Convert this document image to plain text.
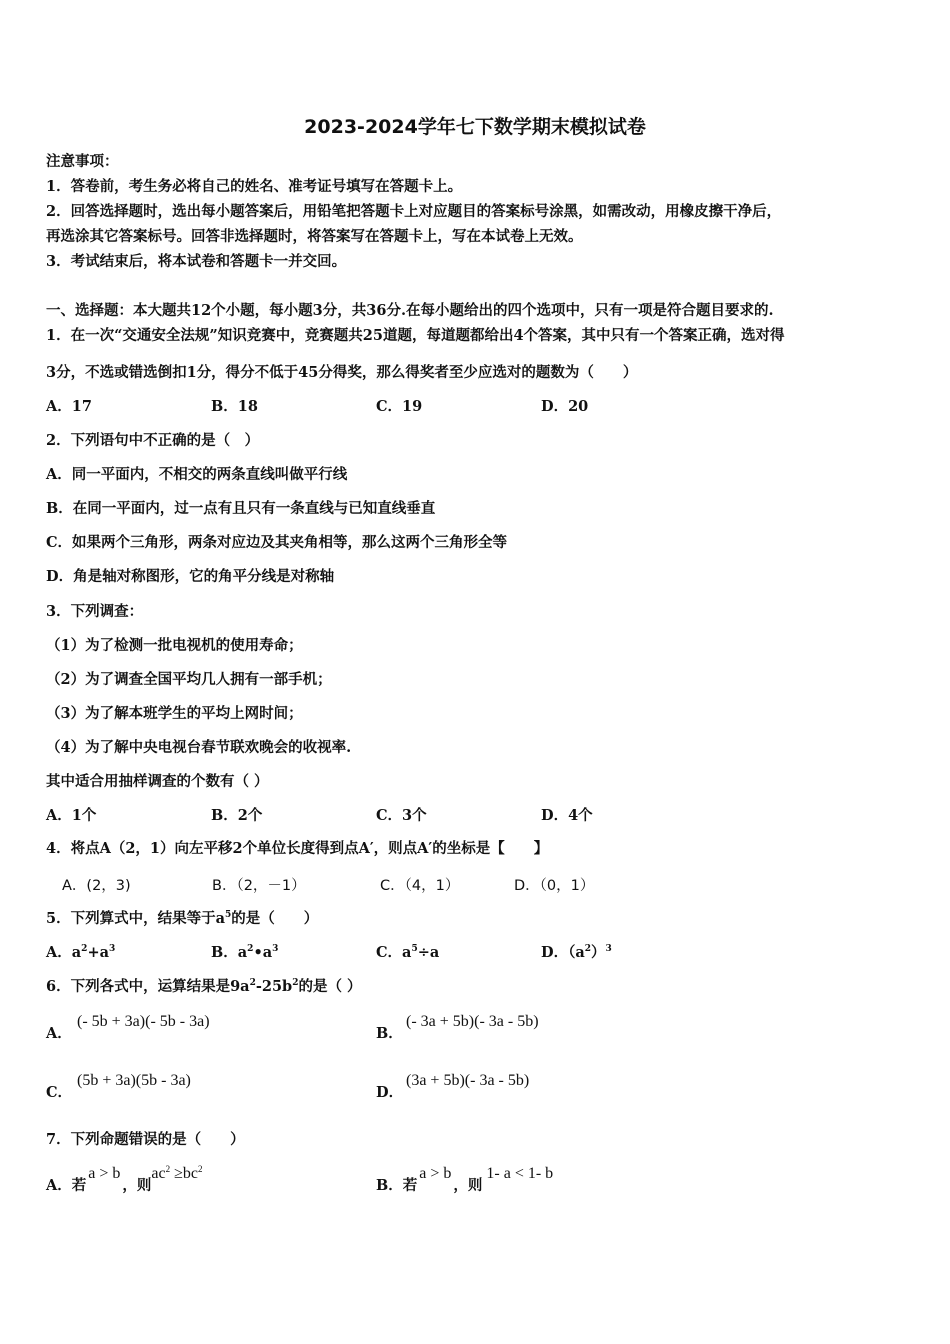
2023-2024学年七下数学期末模拟试卷
注意事项：
1．答卷前，考生务必将自己的姓名、准考证号填写在答题卡上。
2．回答选择题时，选出每小题答案后，用铅笔把答题卡上对应题目的答案标号涂黑，如需改动，用橡皮擦干净后，
再选涂其它答案标号。回答非选择题时，将答案写在答题卡上，写在本试卷上无效。
3．考试结束后，将本试卷和答题卡一并交回。
一、选择题：本大题共12个小题，每小题3分，共36分.在每小题给出的四个选项中，只有一项是符合题目要求的.
1．在一次“交通安全法规”知识竞赛中，竞赛题共25道题，每道题都给出4个答案，其中只有一个答案正确，选对得
3分，不选或错选倒扣1分，得分不低于45分得奖，那么得奖者至少应选对的题数为（　　）
A．17	B．18	C．19	D．20
2．下列语句中不正确的是（　）
A．同一平面内，不相交的两条直线叫做平行线
B．在同一平面内，过一点有且只有一条直线与已知直线垂直
C．如果两个三角形，两条对应边及其夹角相等，那么这两个三角形全等
D．角是轴对称图形，它的角平分线是对称轴
3．下列调查：
（1）为了检测一批电视机的使用寿命；
（2）为了调查全国平均几人拥有一部手机；
（3）为了解本班学生的平均上网时间；
（4）为了解中央电视台春节联欢晚会的收视率.
其中适合用抽样调查的个数有（ ）
A．1个	B．2个	C．3个	D．4个
4．将点A（2，1）向左平移2个单位长度得到点A′，则点A′的坐标是【　　】
A．(2，3)	B．（2，－1）	C．（4，1）	D．（0，1）
5．下列算式中，结果等于$a^5$的是（　　）
A．$a^2+a^3$	B．$a^2•a^3$	C．$a^5\div a$	D．$(a^2)^3$
6．下列各式中，运算结果是$9a^2-25b^2$的是（ ）
A．
(- 5b + 3a)(- 5b - 3a)
B．
(- 3a + 5b)(- 3a - 5b)
C．
(5b + 3a)(5b - 3a)
D．
(3a + 5b)(- 3a - 5b)
7．下列命题错误的是（　　）
A．若a > b，则$ac^2 \ge bc^2$
B．若a > b，则1- a < 1- b
